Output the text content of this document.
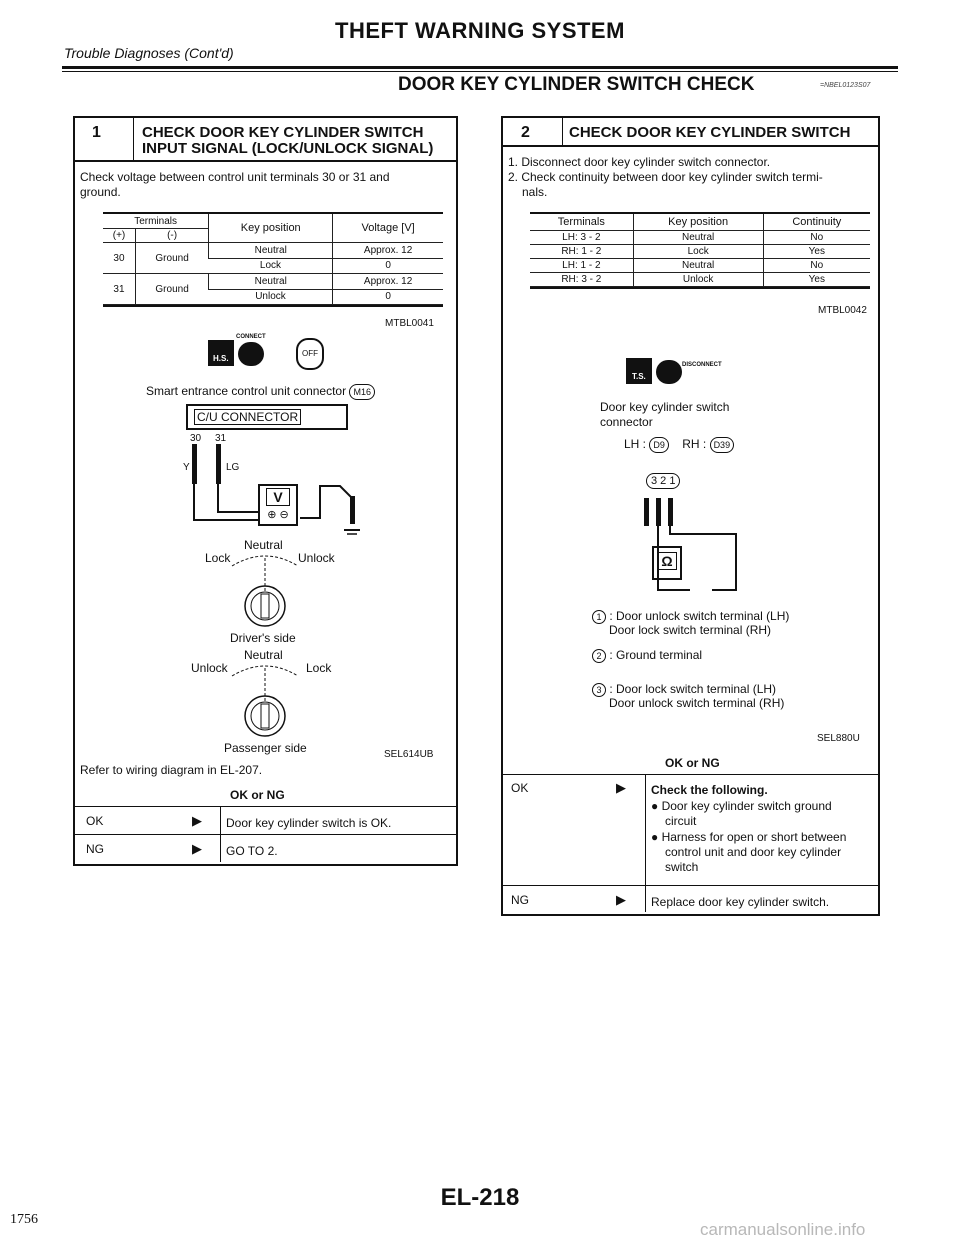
THEFT WARNING SYSTEM
Trouble Diagnoses (Cont'd)
DOOR KEY CYLINDER SWITCH CHECK	=NBEL0123S07
1	CHECK DOOR KEY CYLINDER SWITCH
INPUT SIGNAL (LOCK/UNLOCK SIGNAL)
Check voltage between control unit terminals 30 or 31 and
ground.
Terminals		Key position	Voltage [V]
(+)	(-)		
30	Ground	Neutral	Approx. 12
		Lock	0
31	Ground	Neutral	Approx. 12
		Unlock	0
MTBL0041
H.S.
CONNECT
OFF
Smart entrance control unit connector M16
C/U CONNECTOR
30 31
Y	LG
V
⊕ ⊖
Neutral
Lock	Unlock
Driver's side
Neutral
Unlock	Lock
Passenger side	SEL614UB
Refer to wiring diagram in EL-207.
OK or NG
OK	▶ Door key cylinder switch is OK.
NG	▶ GO TO 2.
2	CHECK DOOR KEY CYLINDER SWITCH
1. Disconnect door key cylinder switch connector.
2. Check continuity between door key cylinder switch termi-
nals.
Terminals	Key position	Continuity
LH: 3 - 2	Neutral	No
RH: 1 - 2	Lock	Yes
LH: 1 - 2	Neutral	No
RH: 3 - 2	Unlock	Yes
MTBL0042
T.S.
DISCONNECT
Door key cylinder switch
connector
LH : D9 RH : D39
3 2 1
Ω
1 : Door unlock switch terminal (LH)
Door lock switch terminal (RH)
2 : Ground terminal
3 : Door lock switch terminal (LH)
Door unlock switch terminal (RH)
SEL880U
OK or NG
OK	▶ Check the following.
● Door key cylinder switch ground
circuit
● Harness for open or short between
control unit and door key cylinder
switch
NG	▶ Replace door key cylinder switch.
EL-218
1756
carmanualsonline.info
